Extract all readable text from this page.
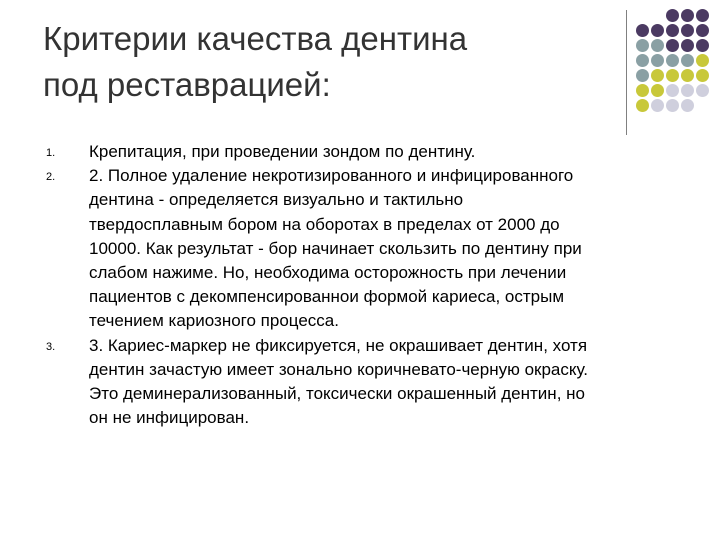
Критерии качества дентина
под реставрацией:
1. Крепитация, при проведении зондом по дентину.
2. 2. Полное удаление некротизированного и инфицированного
дентина - определяется визуально и тактильно
твердосплавным бором на оборотах в пределах от 2000 до
10000. Как результат - бор начинает скользить по дентину при
слабом нажиме. Но, необходима осторожность при лечении
пациентов с декомпенсированнои формой кариеса, острым
течением кариозного процесса.
3. 3. Кариес-маркер не фиксируется, не окрашивает дентин, хотя
дентин зачастую имеет зонально коричневато-черную окраску.
Это деминерализованный, токсически окрашенный дентин, но
он не инфицирован.
